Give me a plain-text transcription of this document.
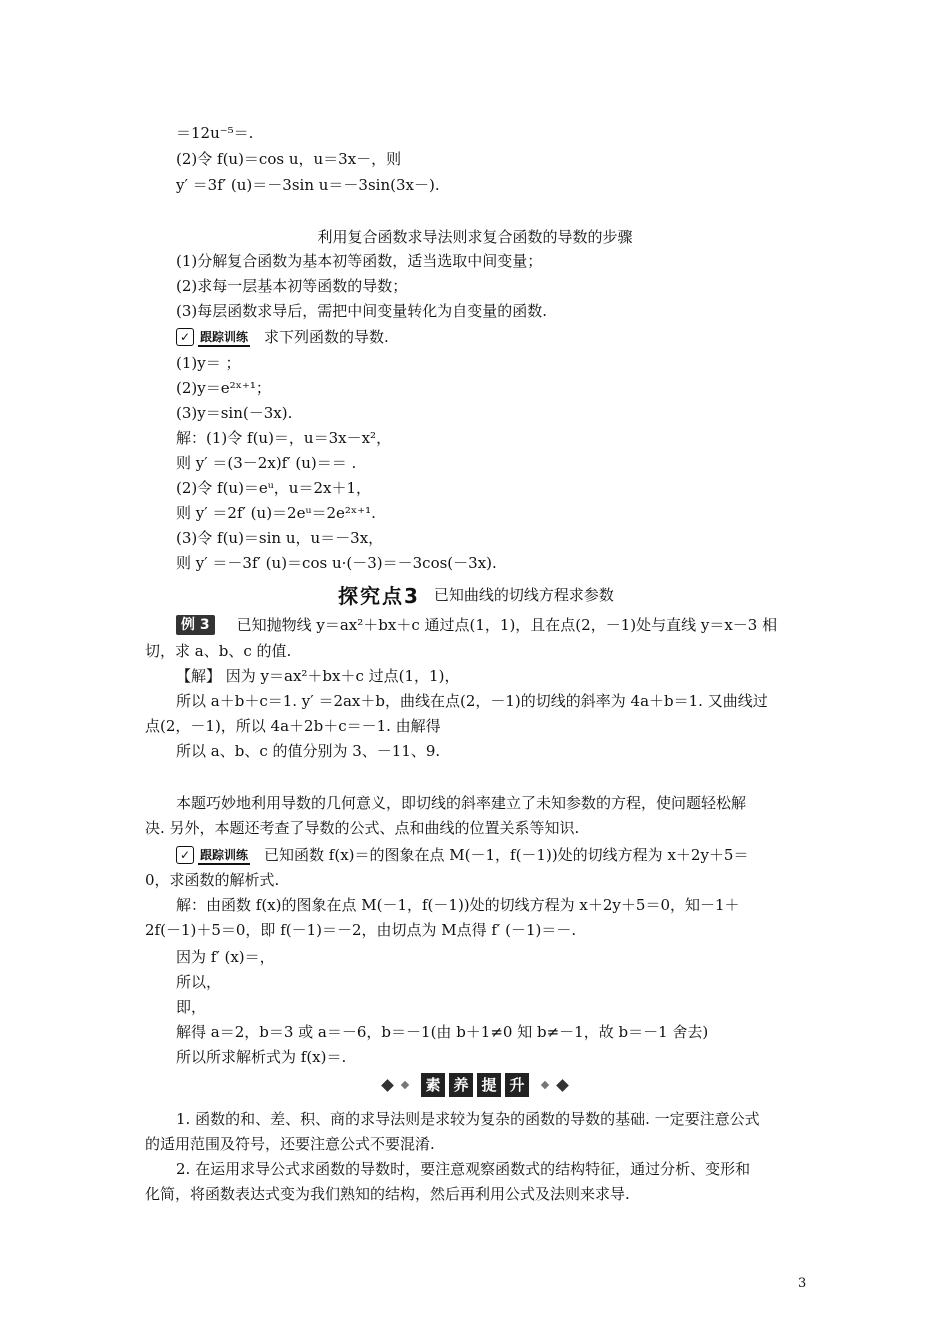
＝12u⁻⁵＝.
(2)令 f(u)＝cos u，u＝3x－，则
y′ ＝3f′ (u)＝－3sin u＝－3sin(3x－).
利用复合函数求导法则求复合函数的导数的步骤
(1)分解复合函数为基本初等函数，适当选取中间变量；
(2)求每一层基本初等函数的导数；
(3)每层函数求导后，需把中间变量转化为自变量的函数.
✓ 跟踪训练 求下列函数的导数.
(1)y＝ ；
(2)y＝e²ˣ⁺¹；
(3)y＝sin(－3x).
解：(1)令 f(u)＝，u＝3x－x²，
则 y′ ＝(3－2x)f′ (u)＝＝ .
(2)令 f(u)＝eᵘ，u＝2x＋1，
则 y′ ＝2f′ (u)＝2eᵘ＝2e²ˣ⁺¹.
(3)令 f(u)＝sin u，u＝－3x，
则 y′ ＝－3f′ (u)＝cos u·(－3)＝－3cos(－3x).
探究点3 已知曲线的切线方程求参数
例 3	已知抛物线 y＝ax²＋bx＋c 通过点(1，1)，且在点(2，－1)处与直线 y＝x－3 相
切，求 a、b、c 的值.
【解】 因为 y＝ax²＋bx＋c 过点(1，1)，
所以 a＋b＋c＝1. y′ ＝2ax＋b，曲线在点(2，－1)的切线的斜率为 4a＋b＝1. 又曲线过
点(2，－1)，所以 4a＋2b＋c＝－1. 由解得
所以 a、b、c 的值分别为 3、－11、9.
本题巧妙地利用导数的几何意义，即切线的斜率建立了未知参数的方程，使问题轻松解
决. 另外，本题还考查了导数的公式、点和曲线的位置关系等知识.
✓ 跟踪训练 已知函数 f(x)＝的图象在点 M(－1，f(－1))处的切线方程为 x＋2y＋5＝
0，求函数的解析式.
解：由函数 f(x)的图象在点 M(－1，f(－1))处的切线方程为 x＋2y＋5＝0，知－1＋
2f(－1)＋5＝0，即 f(－1)＝－2，由切点为 M点得 f′ (－1)＝－.
因为 f′ (x)＝，
所以，
即，
解得 a＝2，b＝3 或 a＝－6，b＝－1(由 b＋1≠0 知 b≠－1，故 b＝－1 舍去)
所以所求解析式为 f(x)＝.
素 养 提 升
1. 函数的和、差、积、商的求导法则是求较为复杂的函数的导数的基础. 一定要注意公式
的适用范围及符号，还要注意公式不要混淆.
2. 在运用求导公式求函数的导数时，要注意观察函数式的结构特征，通过分析、变形和
化简，将函数表达式变为我们熟知的结构，然后再利用公式及法则来求导.
3
